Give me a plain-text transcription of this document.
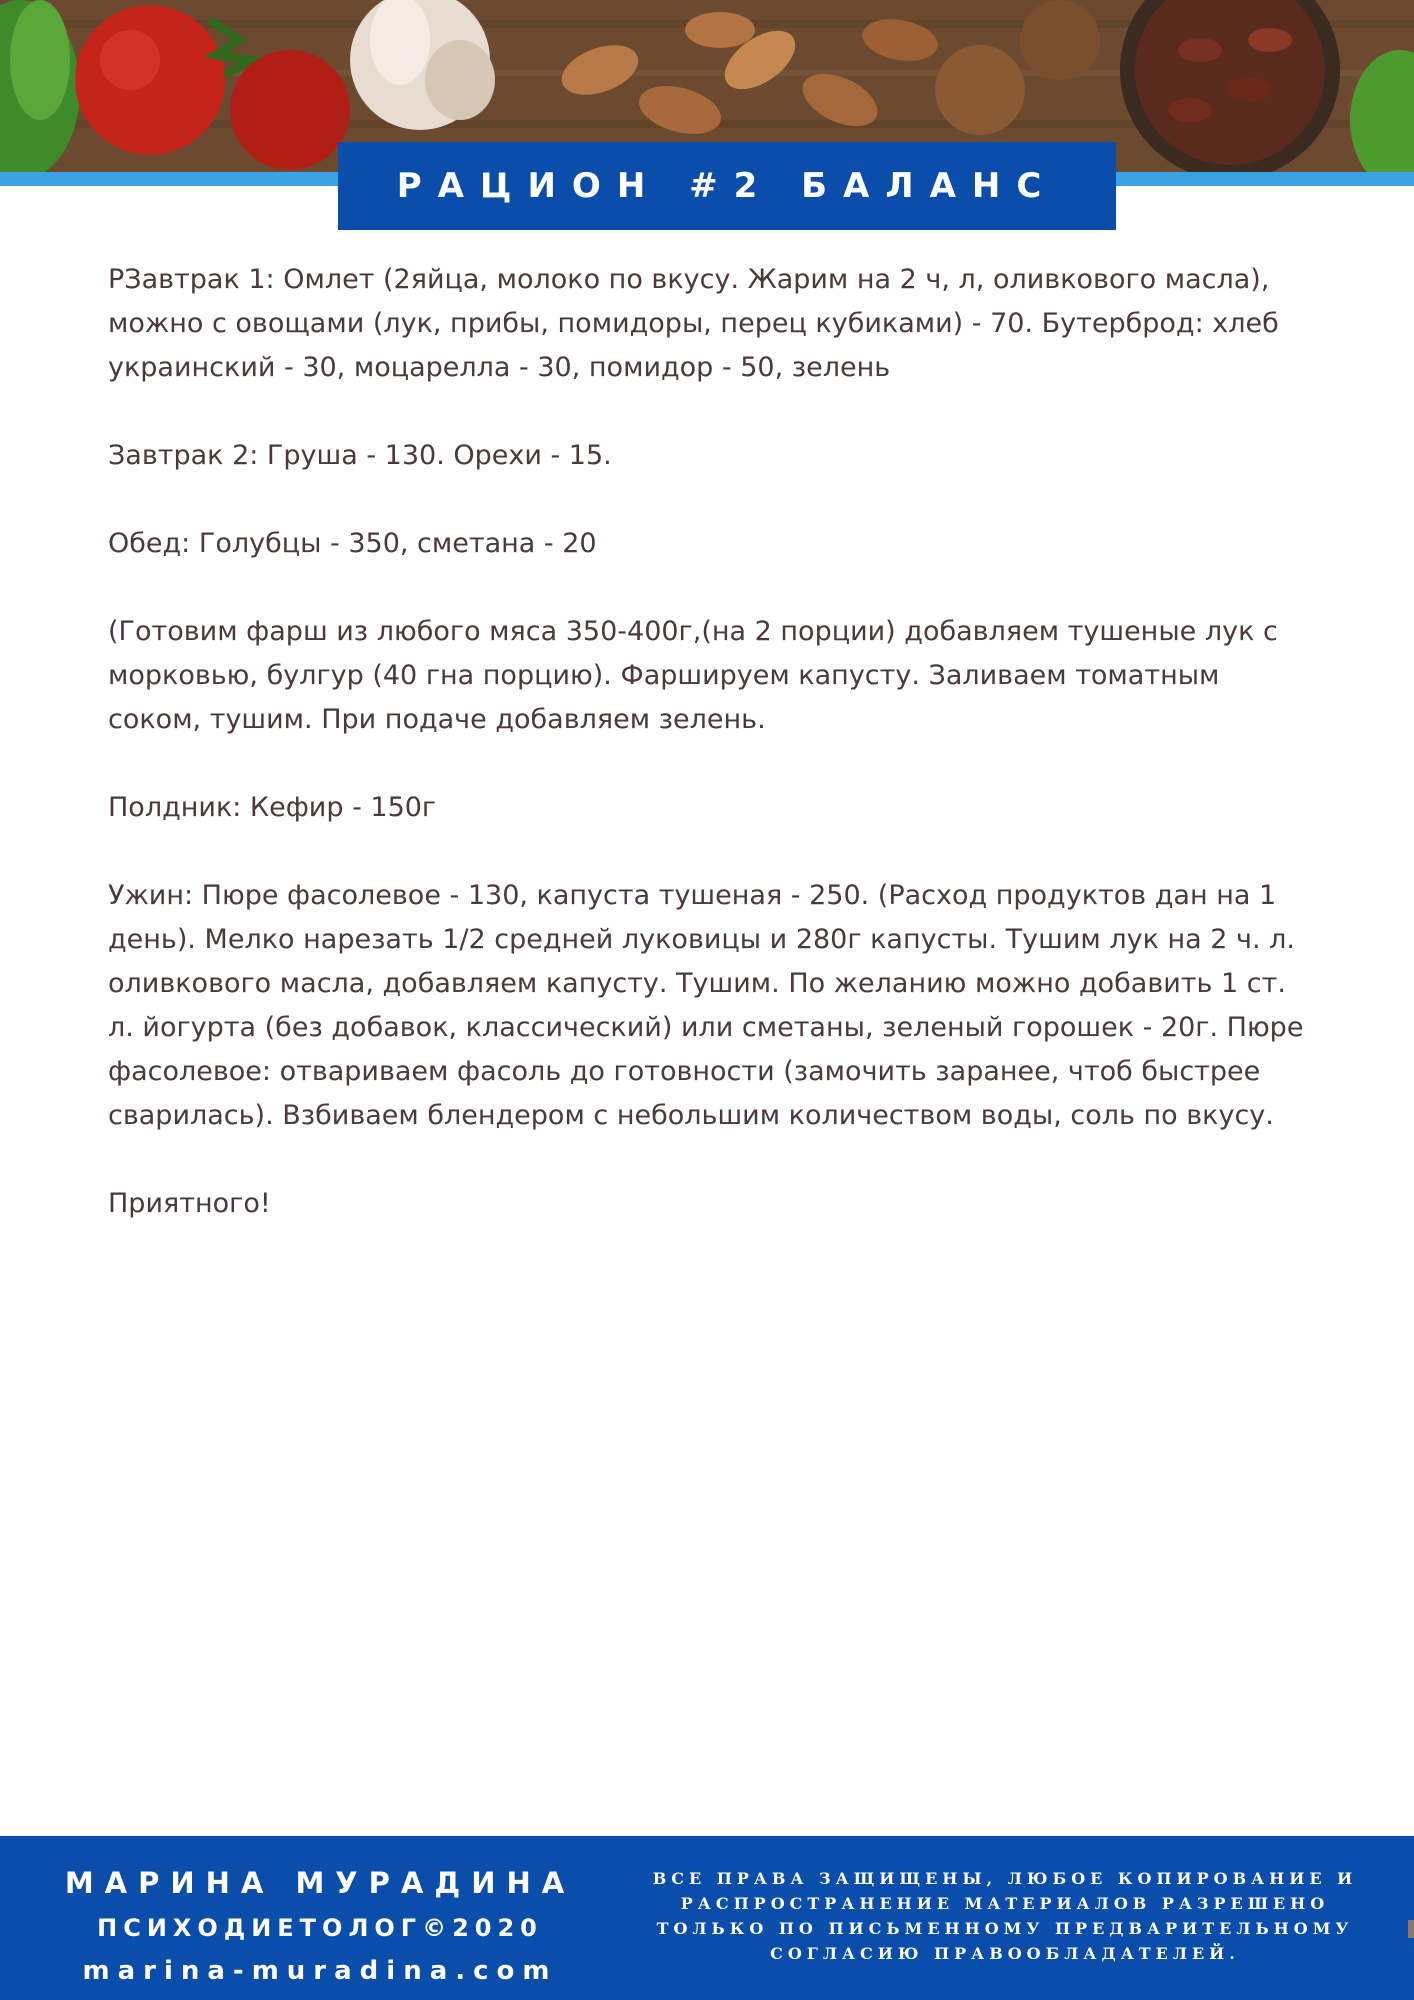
РАЦИОН #2 БАЛАНС

РЗавтрак 1: Омлет (2яйца, молоко по вкусу. Жарим на 2 ч, л, оливкового масла), можно с овощами (лук, прибы, помидоры, перец кубиками) - 70. Бутерброд: хлеб украинский - 30, моцарелла - 30, помидор - 50, зелень

Завтрак 2: Груша - 130. Орехи - 15.

Обед: Голубцы - 350, сметана - 20

(Готовим фарш из любого мяса 350-400г,(на 2 порции) добавляем тушеные лук с морковью, булгур (40 гна порцию). Фаршируем капусту. Заливаем томатным соком, тушим. При подаче добавляем зелень.

Полдник: Кефир - 150г

Ужин: Пюре фасолевое - 130, капуста тушеная - 250. (Расход продуктов дан на 1 день). Мелко нарезать 1/2 средней луковицы и 280г капусты. Тушим лук на 2 ч. л. оливкового масла, добавляем капусту. Тушим. По желанию можно добавить 1 ст. л. йогурта (без добавок, классический) или сметаны, зеленый горошек - 20г. Пюре фасолевое: отвариваем фасоль до готовности (замочить заранее, чтоб быстрее сварилась). Взбиваем блендером с небольшим количеством воды, соль по вкусу.

Приятного!

МАРИНА МУРАДИНА
ПСИХОДИЕТОЛОГ©2020
marina-muradina.com
ВСЕ ПРАВА ЗАЩИЩЕНЫ, ЛЮБОЕ КОПИРОВАНИЕ И РАСПРОСТРАНЕНИЕ МАТЕРИАЛОВ РАЗРЕШЕНО ТОЛЬКО ПО ПИСЬМЕННОМУ ПРЕДВАРИТЕЛЬНОМУ СОГЛАСИЮ ПРАВООБЛАДАТЕЛЕЙ.
